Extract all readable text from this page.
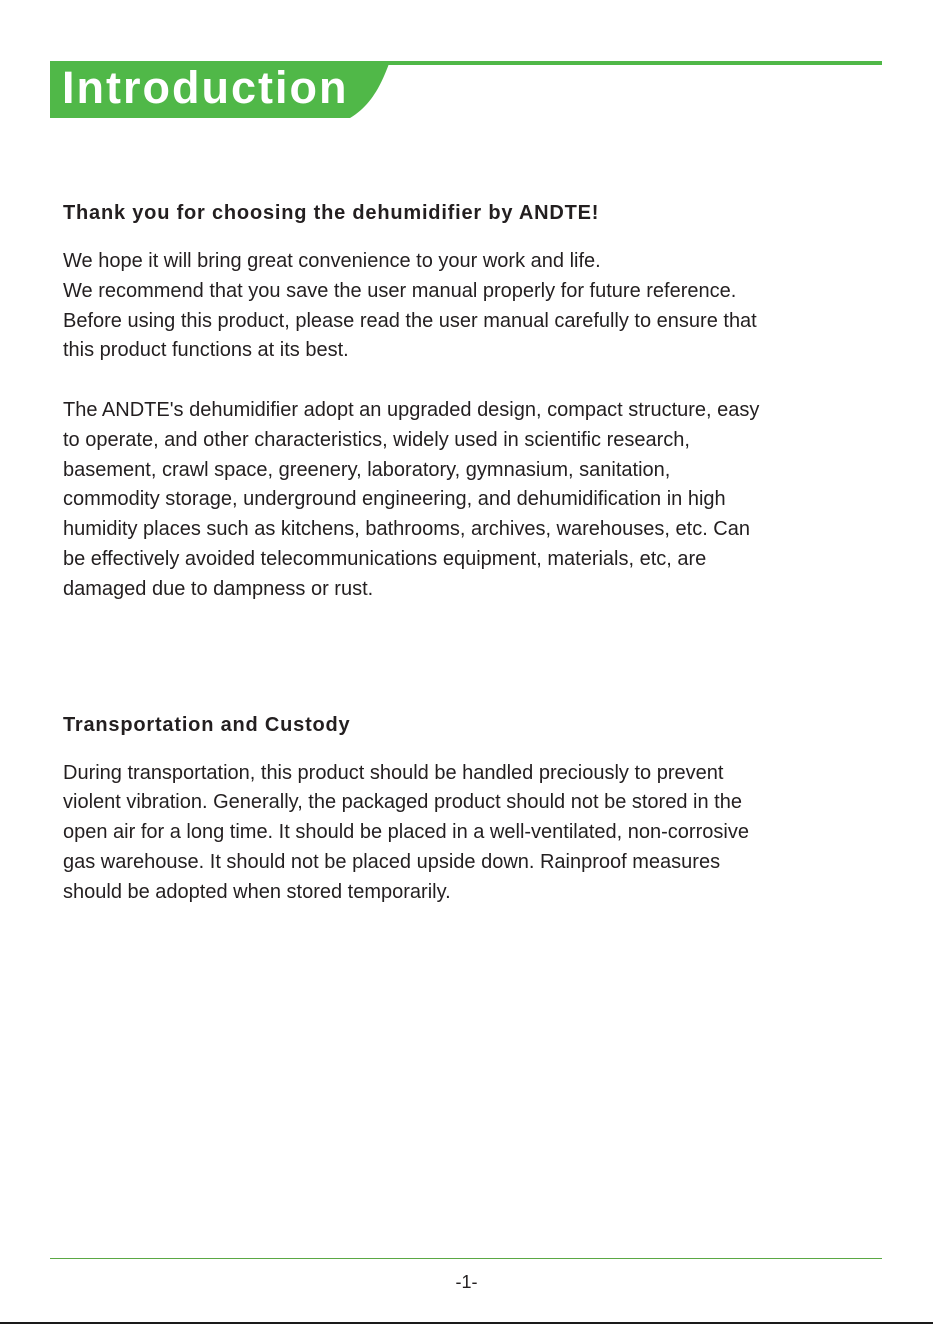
Introduction

Thank you for choosing the dehumidifier by ANDTE!

We hope it will bring great convenience to your work and life.
We recommend that you save the user manual properly for future reference.
Before using this product, please read the user manual carefully to ensure that
this product functions at its best.

The ANDTE's dehumidifier adopt an upgraded design, compact structure, easy
to operate, and other characteristics, widely used in scientific research,
basement, crawl space, greenery, laboratory, gymnasium, sanitation,
commodity storage, underground engineering, and dehumidification in high
humidity places such as kitchens, bathrooms, archives, warehouses, etc. Can
be effectively avoided telecommunications equipment, materials, etc, are
damaged due to dampness or rust.

Transportation and Custody

During transportation, this product should be handled preciously to prevent
violent vibration. Generally, the packaged product should not be stored in the
open air for a long time. It should be placed in a well-ventilated, non-corrosive
gas warehouse. It should not be placed upside down. Rainproof measures
should be adopted when stored temporarily.

-1-
